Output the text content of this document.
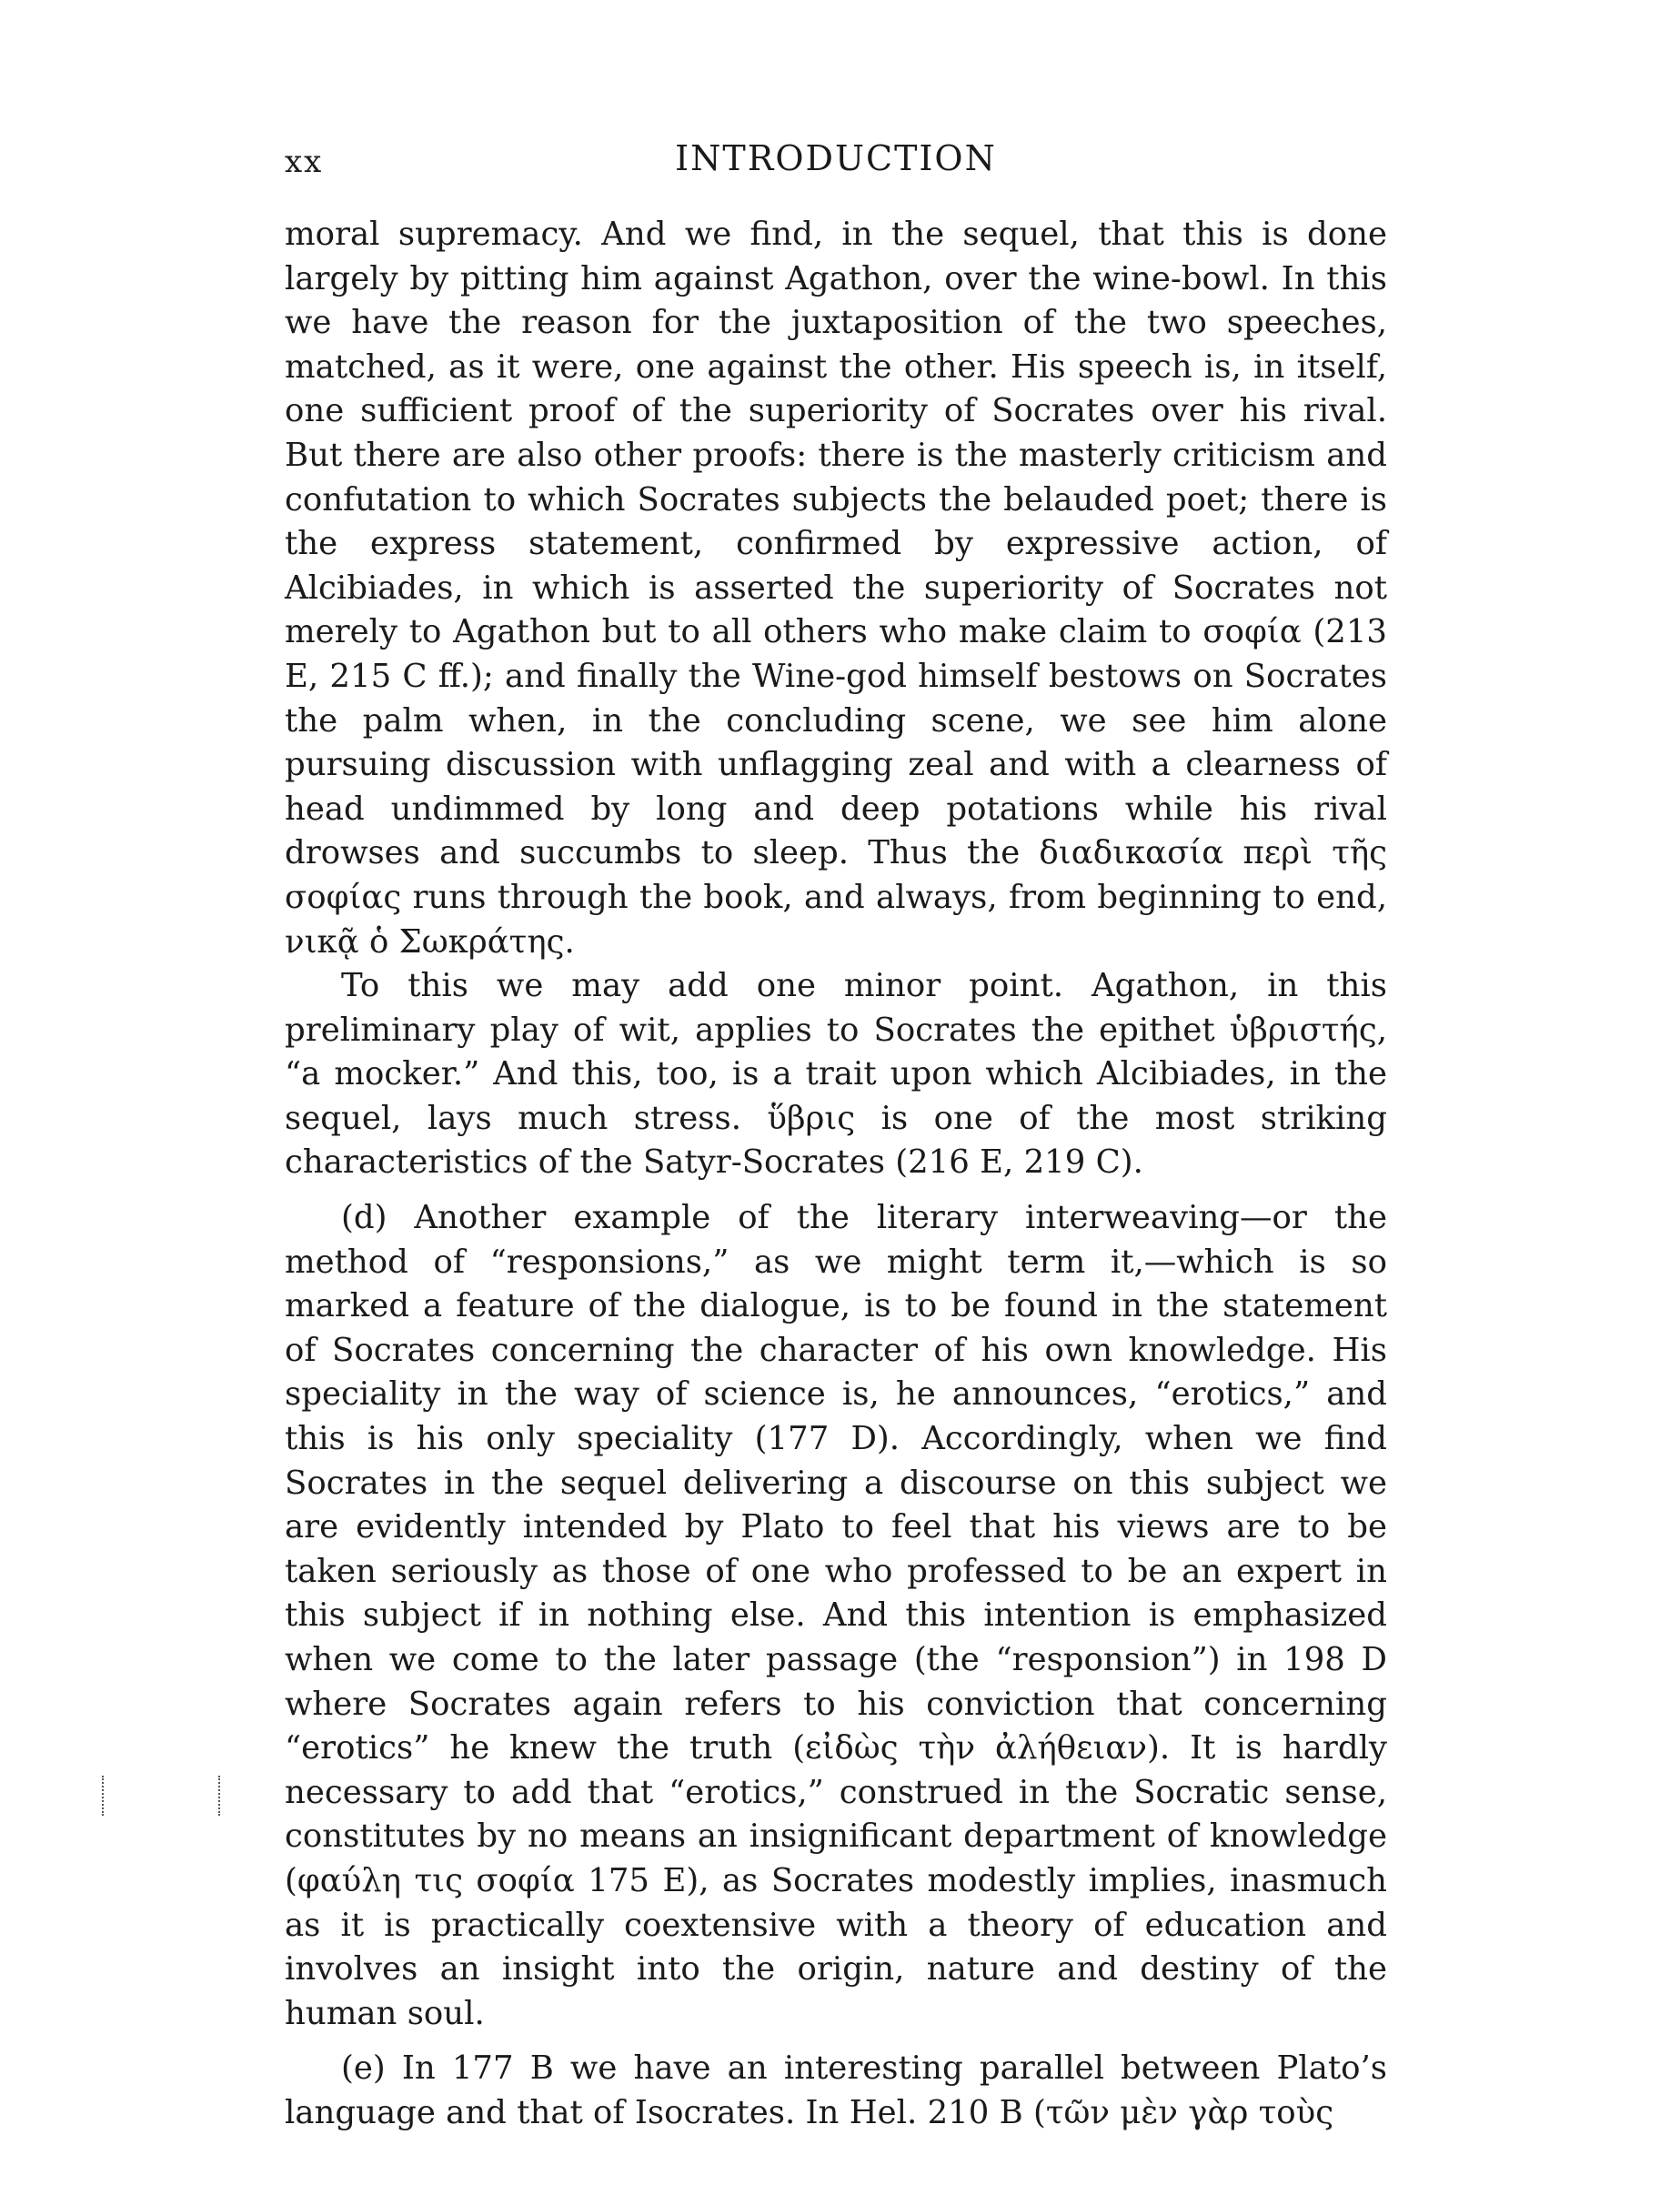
xx	INTRODUCTION

moral supremacy. And we find, in the sequel, that this is done largely by pitting him against Agathon, over the wine-bowl. In this we have the reason for the juxtaposition of the two speeches, matched, as it were, one against the other. His speech is, in itself, one sufficient proof of the superiority of Socrates over his rival. But there are also other proofs: there is the masterly criticism and confutation to which Socrates subjects the belauded poet; there is the express statement, confirmed by expressive action, of Alcibiades, in which is asserted the superiority of Socrates not merely to Agathon but to all others who make claim to σοφία (213 E, 215 C ff.); and finally the Wine-god himself bestows on Socrates the palm when, in the concluding scene, we see him alone pursuing discussion with unflagging zeal and with a clearness of head undimmed by long and deep potations while his rival drowses and succumbs to sleep. Thus the διαδικασία περὶ τῆς σοφίας runs through the book, and always, from beginning to end, νικᾷ ὁ Σωκράτης.

To this we may add one minor point. Agathon, in this preliminary play of wit, applies to Socrates the epithet ὑβριστής, “a mocker.” And this, too, is a trait upon which Alcibiades, in the sequel, lays much stress. ὕβρις is one of the most striking characteristics of the Satyr-Socrates (216 E, 219 C).

(d) Another example of the literary interweaving—or the method of “responsions,” as we might term it,—which is so marked a feature of the dialogue, is to be found in the statement of Socrates concerning the character of his own knowledge. His speciality in the way of science is, he announces, “erotics,” and this is his only speciality (177 D). Accordingly, when we find Socrates in the sequel delivering a discourse on this subject we are evidently intended by Plato to feel that his views are to be taken seriously as those of one who professed to be an expert in this subject if in nothing else. And this intention is emphasized when we come to the later passage (the “responsion”) in 198 D where Socrates again refers to his conviction that concerning “erotics” he knew the truth (εἰδὼς τὴν ἀλήθειαν). It is hardly necessary to add that “erotics,” construed in the Socratic sense, constitutes by no means an insignificant department of knowledge (φαύλη τις σοφία 175 E), as Socrates modestly implies, inasmuch as it is practically coextensive with a theory of education and involves an insight into the origin, nature and destiny of the human soul.

(e) In 177 B we have an interesting parallel between Plato’s language and that of Isocrates. In Hel. 210 B (τῶν μὲν γὰρ τοὺς
